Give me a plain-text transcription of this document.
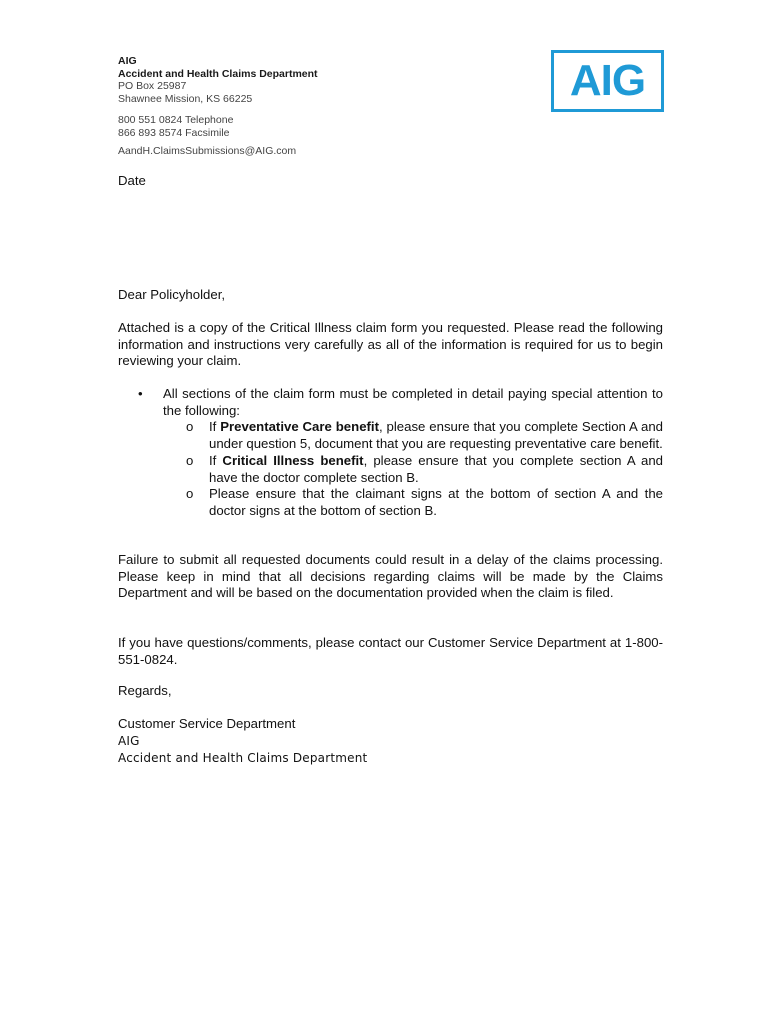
AIG
Accident and Health Claims Department
PO Box 25987
Shawnee Mission, KS 66225
800 551 0824 Telephone
866 893 8574 Facsimile
AandH.ClaimsSubmissions@AIG.com
AIG
Date
Dear Policyholder,
Attached is a copy of the Critical Illness claim form you requested. Please read the following information and instructions very carefully as all of the information is required for us to begin reviewing your claim.
• All sections of the claim form must be completed in detail paying special attention to the following:
o If Preventative Care benefit, please ensure that you complete Section A and under question 5, document that you are requesting preventative care benefit.
o If Critical Illness benefit, please ensure that you complete section A and have the doctor complete section B.
o Please ensure that the claimant signs at the bottom of section A and the doctor signs at the bottom of section B.
Failure to submit all requested documents could result in a delay of the claims processing. Please keep in mind that all decisions regarding claims will be made by the Claims Department and will be based on the documentation provided when the claim is filed.
If you have questions/comments, please contact our Customer Service Department at 1-800-551-0824.
Regards,
Customer Service Department
AIG
Accident and Health Claims Department
